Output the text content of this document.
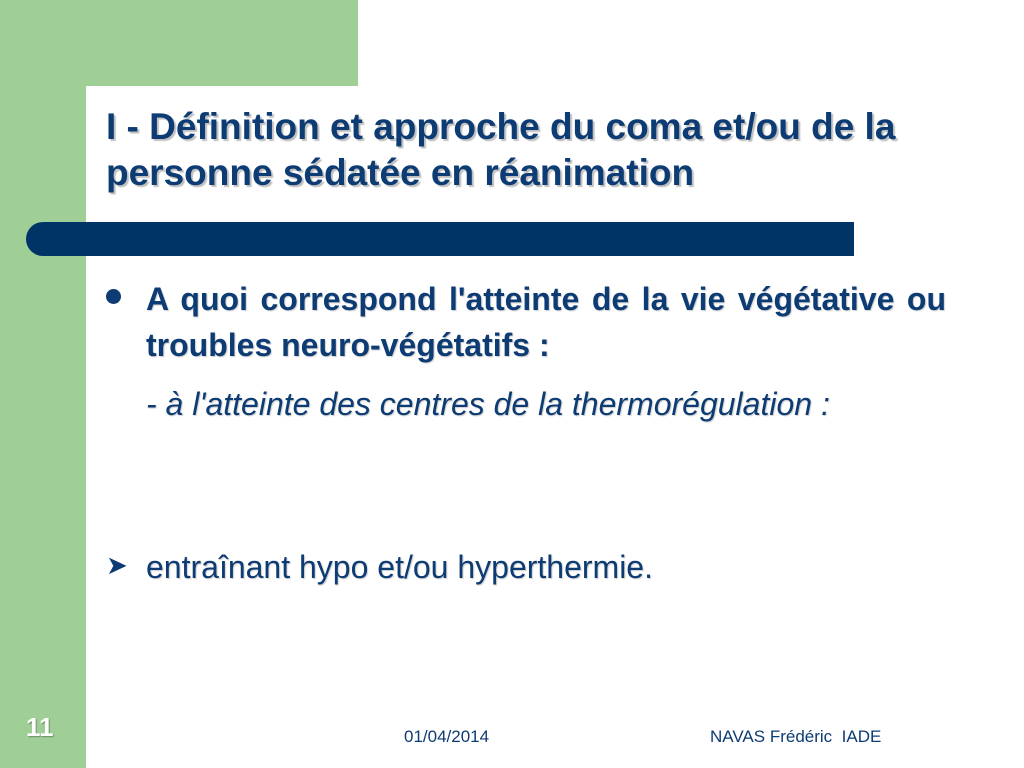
I - Définition et approche du coma et/ou de la personne sédatée en réanimation
A quoi correspond l'atteinte de la vie végétative ou troubles neuro-végétatifs :
- à l'atteinte des centres de la thermorégulation :
➤ entraînant hypo et/ou hyperthermie.
11	01/04/2014	NAVAS Frédéric  IADE
